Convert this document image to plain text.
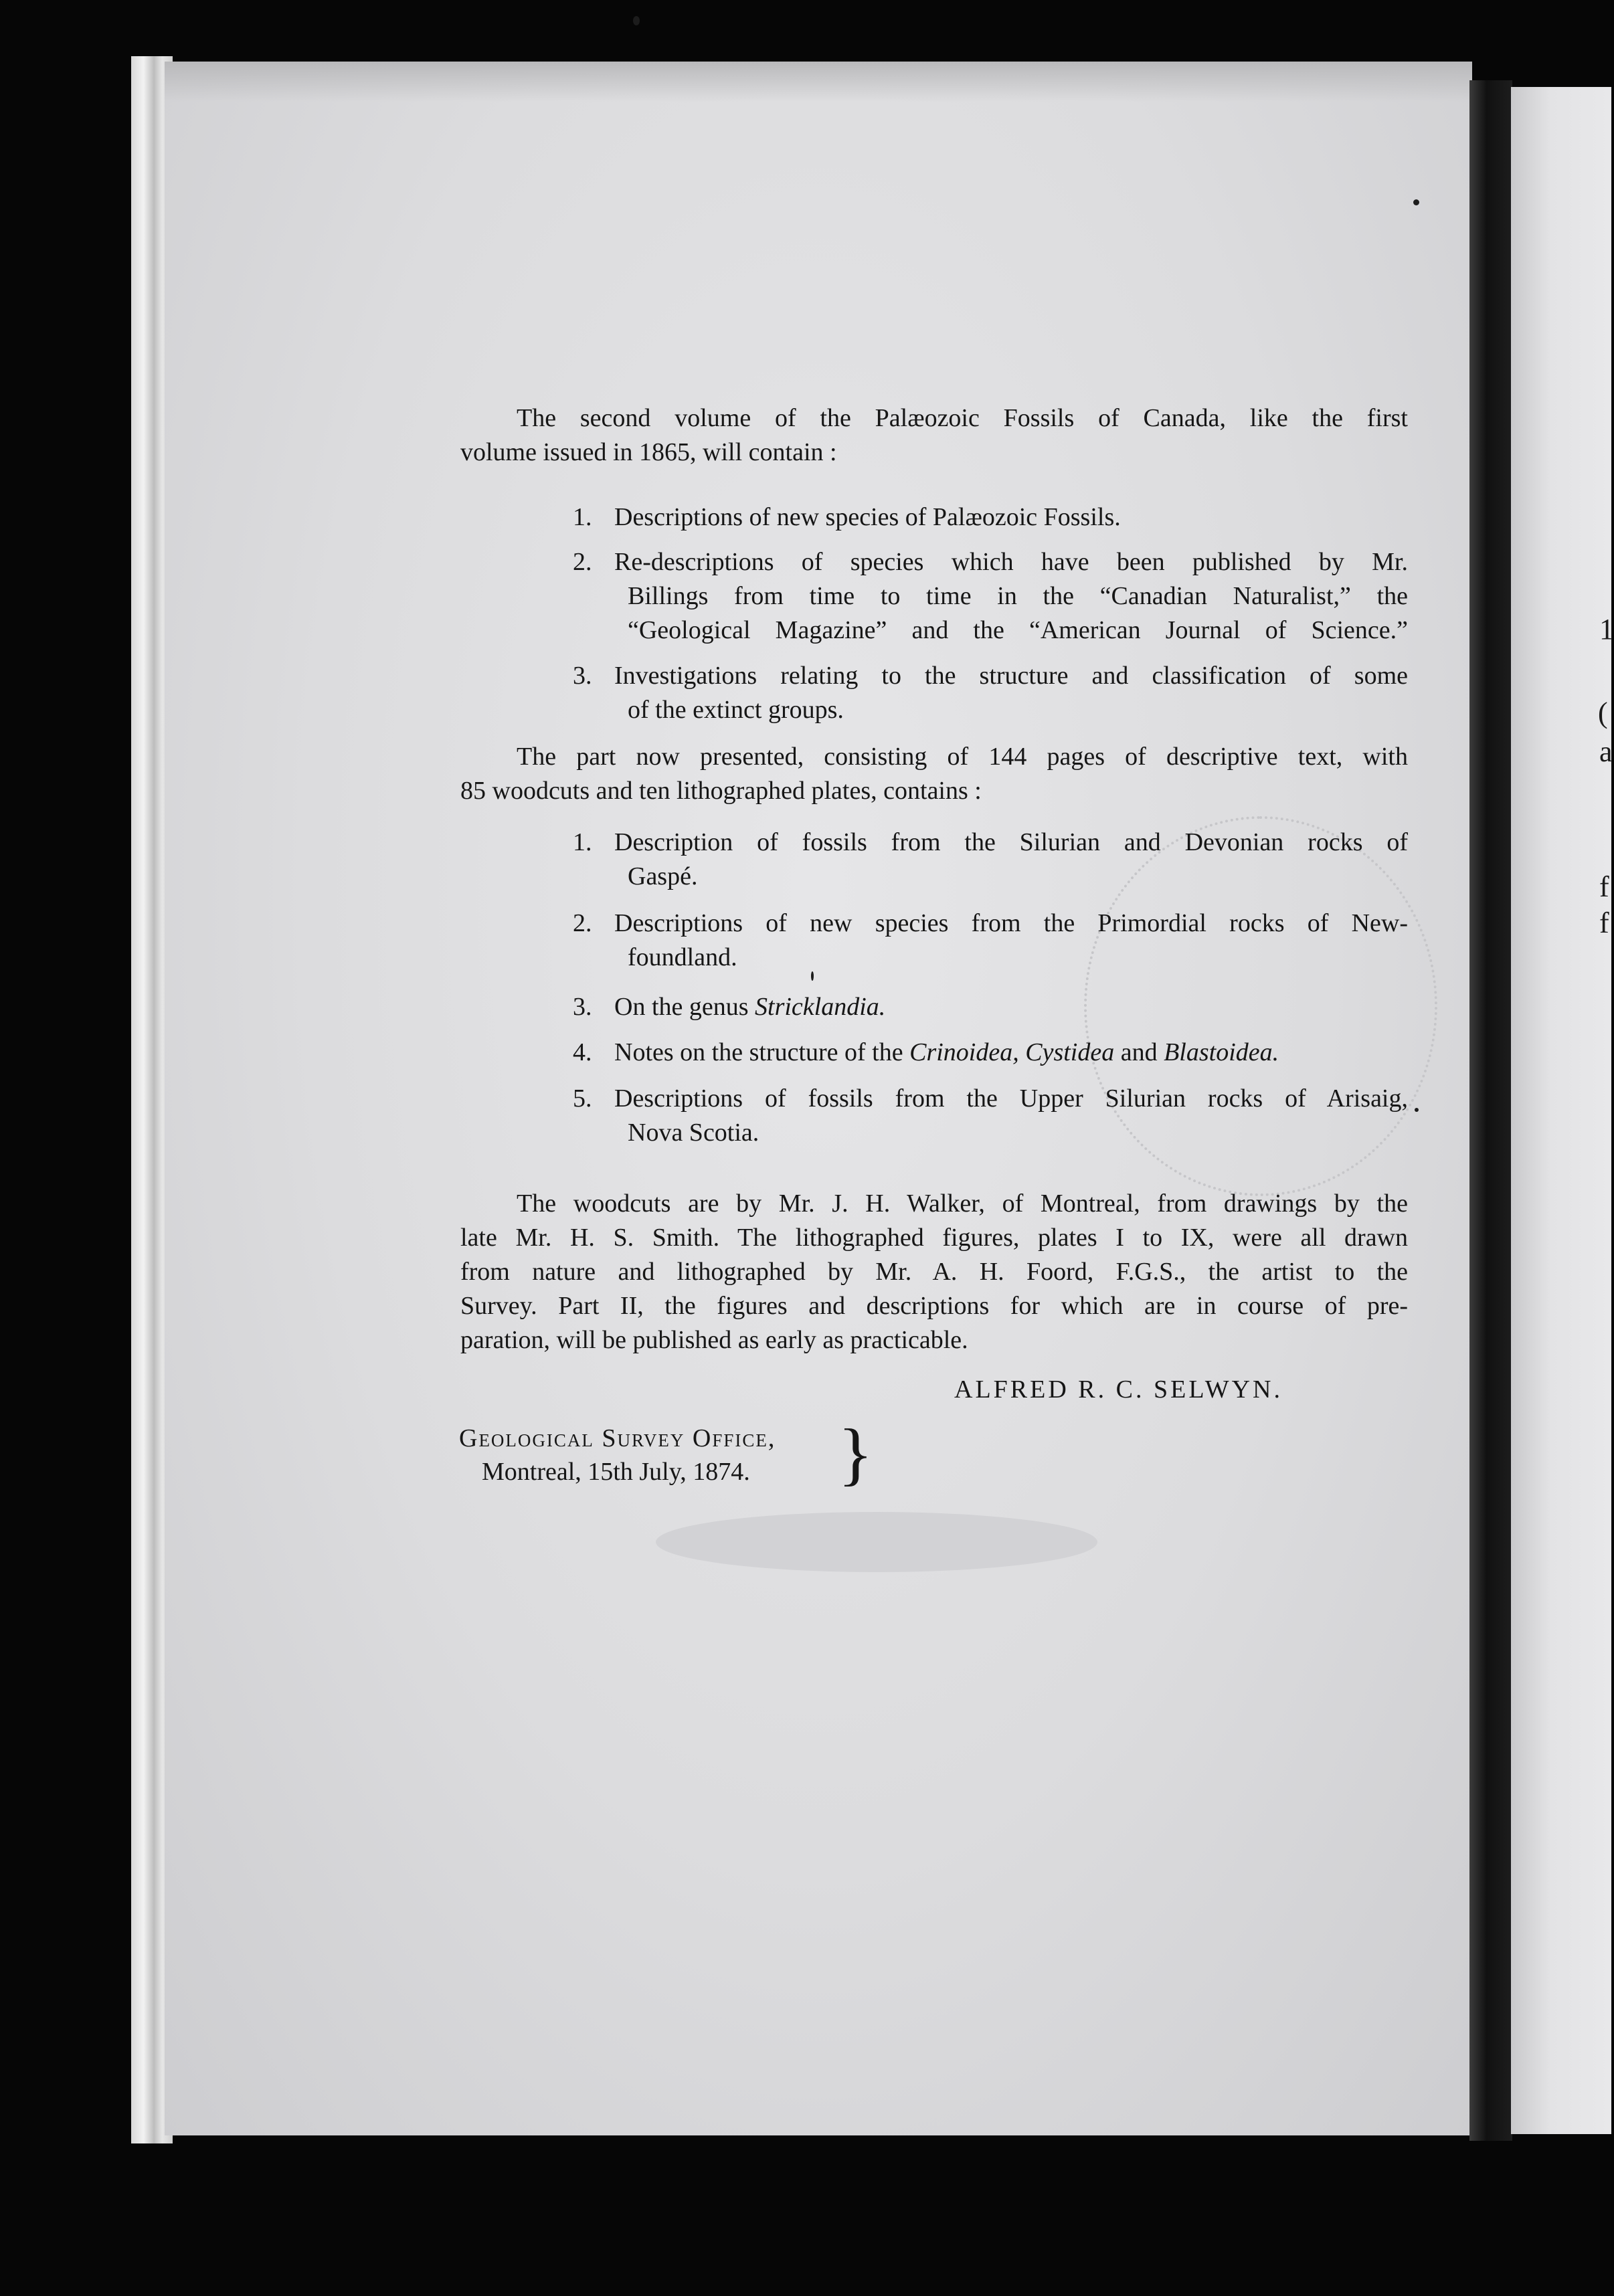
1
(
a
f
f
The second volume of the Palæozoic Fossils of Canada, like the first
volume issued in 1865, will contain :
1. Descriptions of new species of Palæozoic Fossils.
2. Re-descriptions of species which have been published by Mr.
Billings from time to time in the “Canadian Naturalist,” the
“Geological Magazine” and the “American Journal of Science.”
3. Investigations relating to the structure and classification of some
of the extinct groups.
The part now presented, consisting of 144 pages of descriptive text, with
85 woodcuts and ten lithographed plates, contains :
1. Description of fossils from the Silurian and Devonian rocks of
Gaspé.
2. Descriptions of new species from the Primordial rocks of New-
foundland.
3. On the genus Stricklandia.
4. Notes on the structure of the Crinoidea, Cystidea and Blastoidea.
5. Descriptions of fossils from the Upper Silurian rocks of Arisaig,
Nova Scotia.
The woodcuts are by Mr. J. H. Walker, of Montreal, from drawings by the
late Mr. H. S. Smith. The lithographed figures, plates I to IX, were all drawn
from nature and lithographed by Mr. A. H. Foord, F.G.S., the artist to the
Survey. Part II, the figures and descriptions for which are in course of pre-
paration, will be published as early as practicable.
ALFRED R. C. SELWYN.
Geological Survey Office,
Montreal, 15th July, 1874.	}
